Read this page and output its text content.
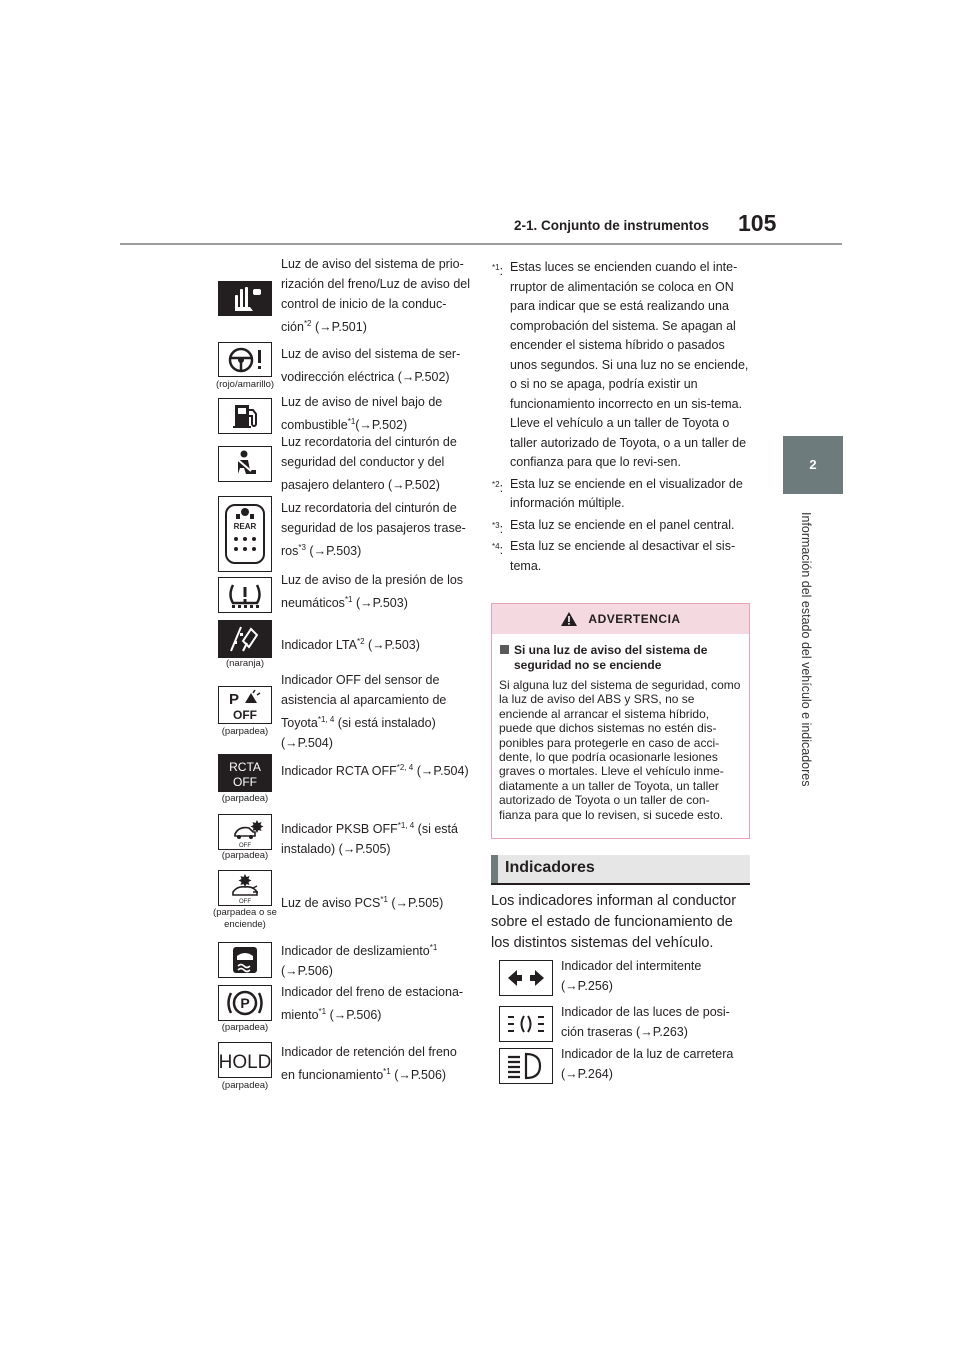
2-1. Conjunto de instrumentos 105
2
Información del estado del vehículo e indicadores
Luz de aviso del sistema de prio-rización del freno/Luz de aviso del control de inicio de la conduc-ción$^{*2}$ (→P.501)
(rojo/amarillo)
Luz de aviso del sistema de ser-vodirección eléctrica (→P.502)
Luz de aviso de nivel bajo de combustible$^{*1}$(→P.502)
Luz recordatoria del cinturón de seguridad del conductor y del pasajero delantero (→P.502)
REAR
Luz recordatoria del cinturón de seguridad de los pasajeros trase-ros$^{*3}$ (→P.503)
Luz de aviso de la presión de los neumáticos$^{*1}$ (→P.503)
(naranja)
Indicador LTA$^{*2}$ (→P.503)
P
OFF
(parpadea)
Indicador OFF del sensor de asistencia al aparcamiento de Toyota$^{*1, 4}$ (si está instalado) (→P.504)
RCTA
OFF
(parpadea)
Indicador RCTA OFF$^{*2, 4}$ (→P.504)
OFF
(parpadea)
Indicador PKSB OFF$^{*1, 4}$ (si está instalado) (→P.505)
OFF
(parpadea o se enciende)
Luz de aviso PCS$^{*1}$ (→P.505)
Indicador de deslizamiento$^{*1}$ (→P.506)
P
(parpadea)
Indicador del freno de estaciona-miento$^{*1}$ (→P.506)
HOLD
(parpadea)
Indicador de retención del freno en funcionamiento$^{*1}$ (→P.506)
$^{*1}$: Estas luces se encienden cuando el inte-rruptor de alimentación se coloca en ON para indicar que se está realizando una comprobación del sistema. Se apagan al encender el sistema híbrido o pasados unos segundos. Si una luz no se enciende, o si no se apaga, podría existir un funcionamiento incorrecto en un sis-tema. Lleve el vehículo a un taller de Toyota o taller autorizado de Toyota, o a un taller de confianza para que lo revi-sen.
$^{*2}$: Esta luz se enciende en el visualizador de información múltiple.
$^{*3}$: Esta luz se enciende en el panel central.
$^{*4}$: Esta luz se enciende al desactivar el sis-tema.
ADVERTENCIA
Si una luz de aviso del sistema de seguridad no se enciende
Si alguna luz del sistema de seguridad, como la luz de aviso del ABS y SRS, no se enciende al arrancar el sistema híbrido, puede que dichos sistemas no estén dis-ponibles para protegerle en caso de acci-dente, lo que podría ocasionarle lesiones graves o mortales. Lleve el vehículo inme-diatamente a un taller de Toyota, un taller autorizado de Toyota o un taller de con-fianza para que lo revisen, si sucede esto.
Indicadores
Los indicadores informan al conductor sobre el estado de funcionamiento de los distintos sistemas del vehículo.
Indicador del intermitente (→P.256)
Indicador de las luces de posi-ción traseras (→P.263)
Indicador de la luz de carretera (→P.264)
